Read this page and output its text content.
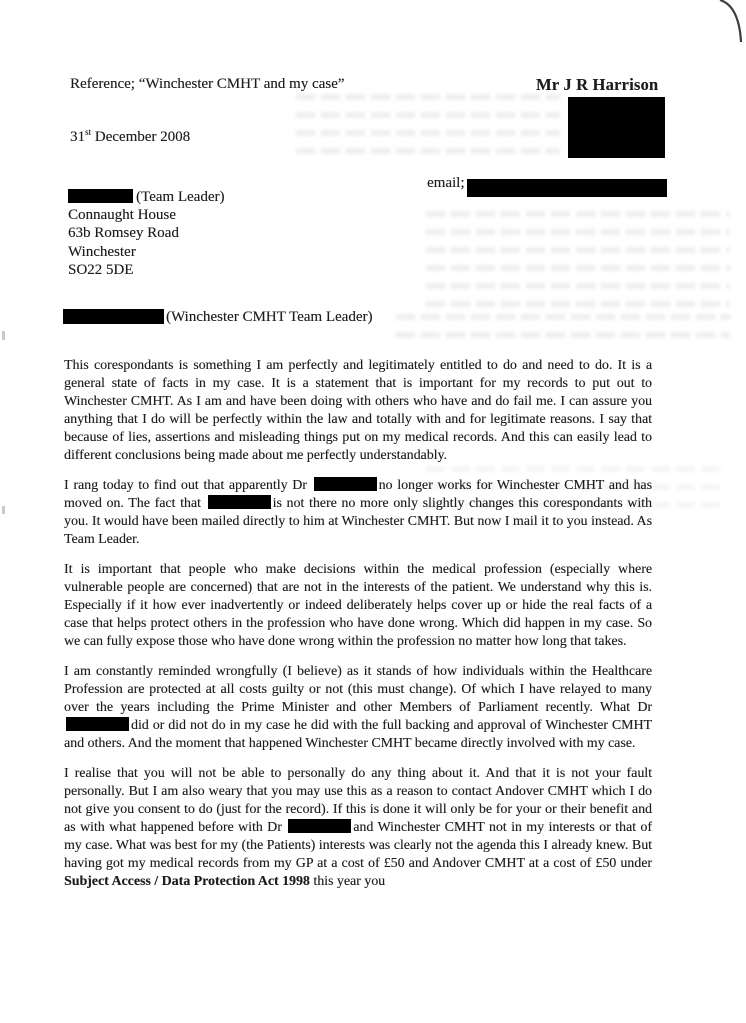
Reference; “Winchester CMHT and my case”	Mr J R Harrison
31st December 2008
email;
(Team Leader)
Connaught House
63b Romsey Road
Winchester
SO22 5DE
(Winchester CMHT Team Leader)

This corespondants is something I am perfectly and legitimately entitled to do and need to do. It is a general state of facts in my case. It is a statement that is important for my records to put out to Winchester CMHT. As I am and have been doing with others who have and do fail me. I can assure you anything that I do will be perfectly within the law and totally with and for legitimate reasons. I say that because of lies, assertions and misleading things put on my medical records. And this can easily lead to different conclusions being made about me perfectly understandably.

I rang today to find out that apparently Dr	no longer works for Winchester CMHT and has moved on. The fact that	is not there no more only slightly changes this corespondants with you. It would have been mailed directly to him at Winchester CMHT. But now I mail it to you instead. As Team Leader.

It is important that people who make decisions within the medical profession (especially where vulnerable people are concerned) that are not in the interests of the patient. We understand why this is. Especially if it how ever inadvertently or indeed deliberately helps cover up or hide the real facts of a case that helps protect others in the profession who have done wrong. Which did happen in my case. So we can fully expose those who have done wrong within the profession no matter how long that takes.

I am constantly reminded wrongfully (I believe) as it stands of how individuals within the Healthcare Profession are protected at all costs guilty or not (this must change). Of which I have relayed to many over the years including the Prime Minister and other Members of Parliament recently. What Dr did or did not do in my case he did with the full backing and approval of Winchester CMHT and others. And the moment that happened Winchester CMHT became directly involved with my case.

I realise that you will not be able to personally do any thing about it. And that it is not your fault personally. But I am also weary that you may use this as a reason to contact Andover CMHT which I do not give you consent to do (just for the record). If this is done it will only be for your or their benefit and as with what happened before with Dr	and Winchester CMHT not in my interests or that of my case. What was best for my (the Patients) interests was clearly not the agenda this I already knew. But having got my medical records from my GP at a cost of £50 and Andover CMHT at a cost of £50 under Subject Access / Data Protection Act 1998 this year you
